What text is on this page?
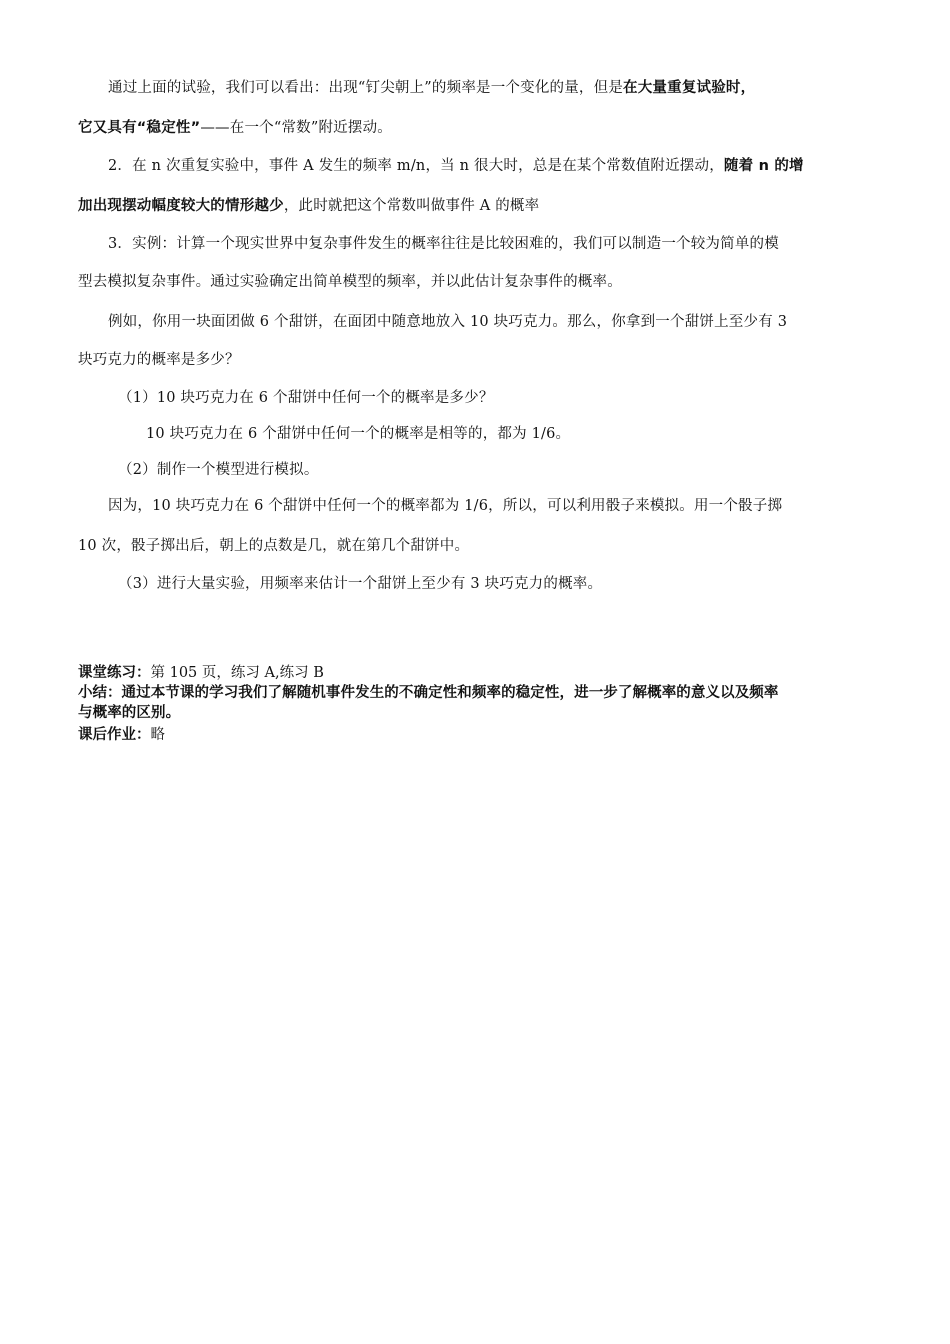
通过上面的试验，我们可以看出：出现“钉尖朝上”的频率是一个变化的量，但是在大量重复试验时，
它又具有“稳定性”——在一个“常数”附近摆动。
2．在 n 次重复实验中，事件 A 发生的频率 m/n，当 n 很大时，总是在某个常数值附近摆动，随着 n 的增
加出现摆动幅度较大的情形越少，此时就把这个常数叫做事件 A 的概率
3．实例：计算一个现实世界中复杂事件发生的概率往往是比较困难的，我们可以制造一个较为简单的模
型去模拟复杂事件。通过实验确定出简单模型的频率，并以此估计复杂事件的概率。
例如，你用一块面团做 6 个甜饼，在面团中随意地放入 10 块巧克力。那么，你拿到一个甜饼上至少有 3
块巧克力的概率是多少？
（1）10 块巧克力在 6 个甜饼中任何一个的概率是多少？
10 块巧克力在 6 个甜饼中任何一个的概率是相等的，都为 1/6。
（2）制作一个模型进行模拟。
因为，10 块巧克力在 6 个甜饼中任何一个的概率都为 1/6，所以，可以利用骰子来模拟。用一个骰子掷
10 次，骰子掷出后，朝上的点数是几，就在第几个甜饼中。
（3）进行大量实验，用频率来估计一个甜饼上至少有 3 块巧克力的概率。
课堂练习：第 105 页，练习 A,练习 B
小结：通过本节课的学习我们了解随机事件发生的不确定性和频率的稳定性，进一步了解概率的意义以及频率
与概率的区别。
课后作业：略
